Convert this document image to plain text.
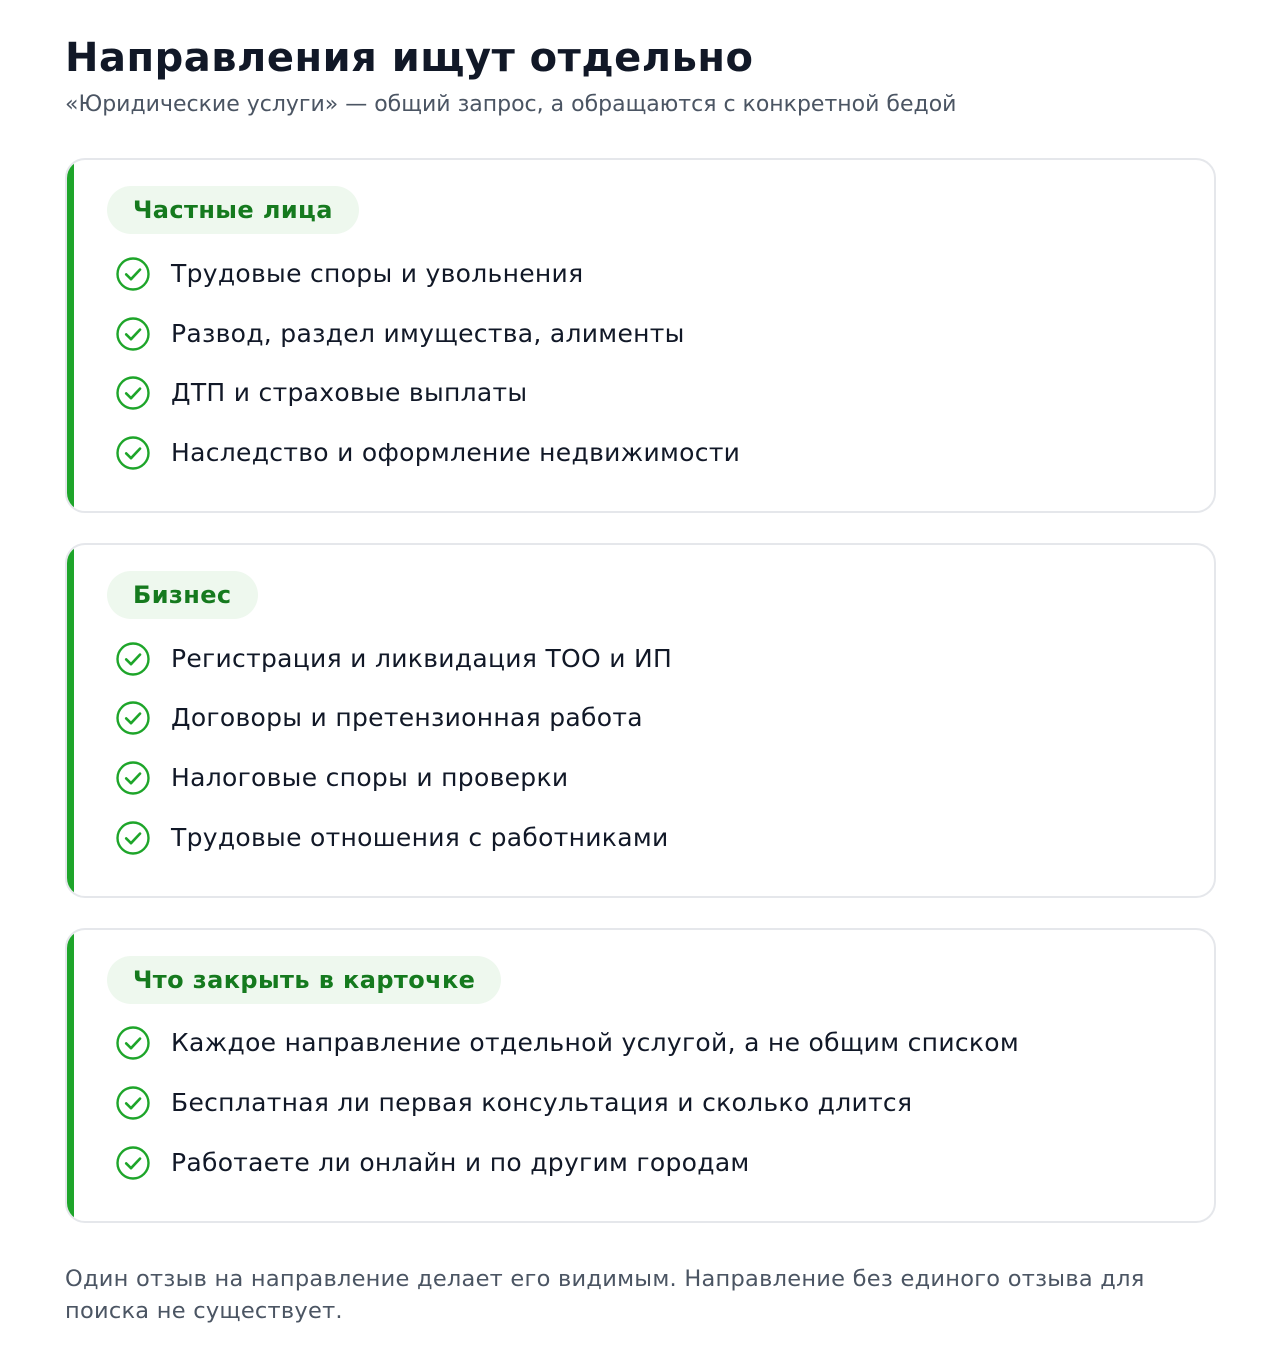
Направления ищут отдельно

«Юридические услуги» — общий запрос, а обращаются с конкретной бедой

Частные лица
Трудовые споры и увольнения
Развод, раздел имущества, алименты
ДТП и страховые выплаты
Наследство и оформление недвижимости
Бизнес
Регистрация и ликвидация ТОО и ИП
Договоры и претензионная работа
Налоговые споры и проверки
Трудовые отношения с работниками
Что закрыть в карточке
Каждое направление отдельной услугой, а не общим списком
Бесплатная ли первая консультация и сколько длится
Работаете ли онлайн и по другим городам

Один отзыв на направление делает его видимым. Направление без единого отзыва для поиска не существует.
